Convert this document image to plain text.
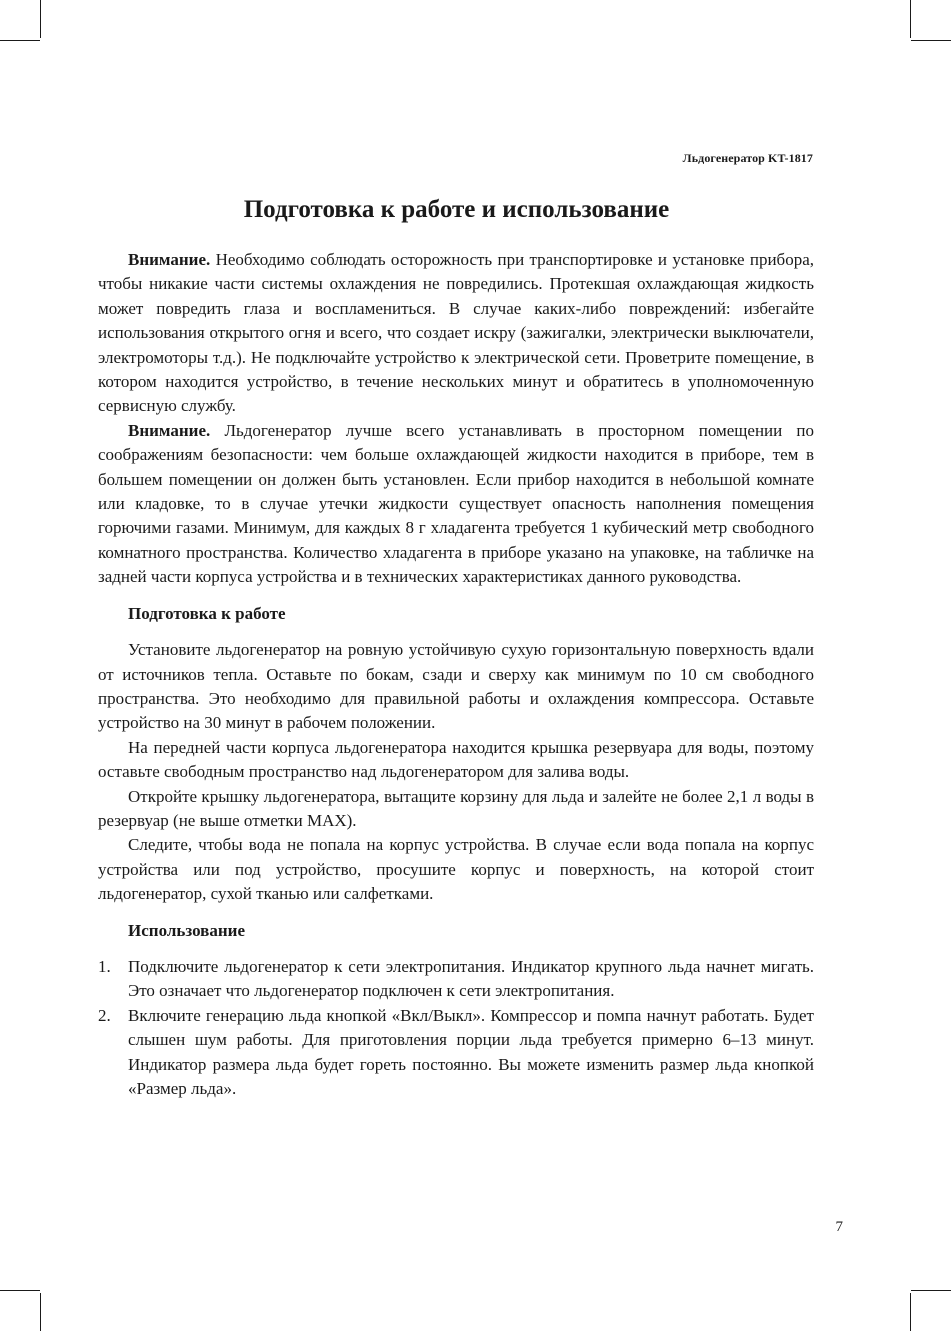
Льдогенератор KT-1817
Подготовка к работе и использование

Внимание. Необходимо соблюдать осторожность при транспортировке и установке прибора, чтобы никакие части системы охлаждения не повредились. Протекшая охлаждающая жидкость может повредить глаза и воспламениться. В случае каких-либо повреждений: избегайте использования открытого огня и всего, что создает искру (зажигалки, электрически выключатели, электромоторы т.д.). Не подключайте устройство к электрической сети. Проветрите помещение, в котором находится устройство, в течение нескольких минут и обратитесь в уполномоченную сервисную службу.

Внимание. Льдогенератор лучше всего устанавливать в просторном помещении по соображениям безопасности: чем больше охлаждающей жидкости находится в приборе, тем в большем помещении он должен быть установлен. Если прибор находится в небольшой комнате или кладовке, то в случае утечки жидкости существует опасность наполнения помещения горючими газами. Минимум, для каждых 8 г хладагента требуется 1 кубический метр свободного комнатного пространства. Количество хладагента в приборе указано на упаковке, на табличке на задней части корпуса устройства и в технических характеристиках данного руководства.

Подготовка к работе

Установите льдогенератор на ровную устойчивую сухую горизонтальную поверхность вдали от источников тепла. Оставьте по бокам, сзади и сверху как минимум по 10 см свободного пространства. Это необходимо для правильной работы и охлаждения компрессора. Оставьте устройство на 30 минут в рабочем положении.

На передней части корпуса льдогенератора находится крышка резервуара для воды, поэтому оставьте свободным пространство над льдогенератором для залива воды.

Откройте крышку льдогенератора, вытащите корзину для льда и залейте не более 2,1 л воды в резервуар (не выше отметки MAX).

Следите, чтобы вода не попала на корпус устройства. В случае если вода попала на корпус устройства или под устройство, просушите корпус и поверхность, на которой стоит льдогенератор, сухой тканью или салфетками.

Использование
1. Подключите льдогенератор к сети электропитания. Индикатор крупного льда начнет мигать. Это означает что льдогенератор подключен к сети электропитания.
2. Включите генерацию льда кнопкой «Вкл/Выкл». Компрессор и помпа начнут работать. Будет слышен шум работы. Для приготовления порции льда требуется примерно 6–13 минут. Индикатор размера льда будет гореть постоянно. Вы можете изменить размер льда кнопкой «Размер льда».
7
